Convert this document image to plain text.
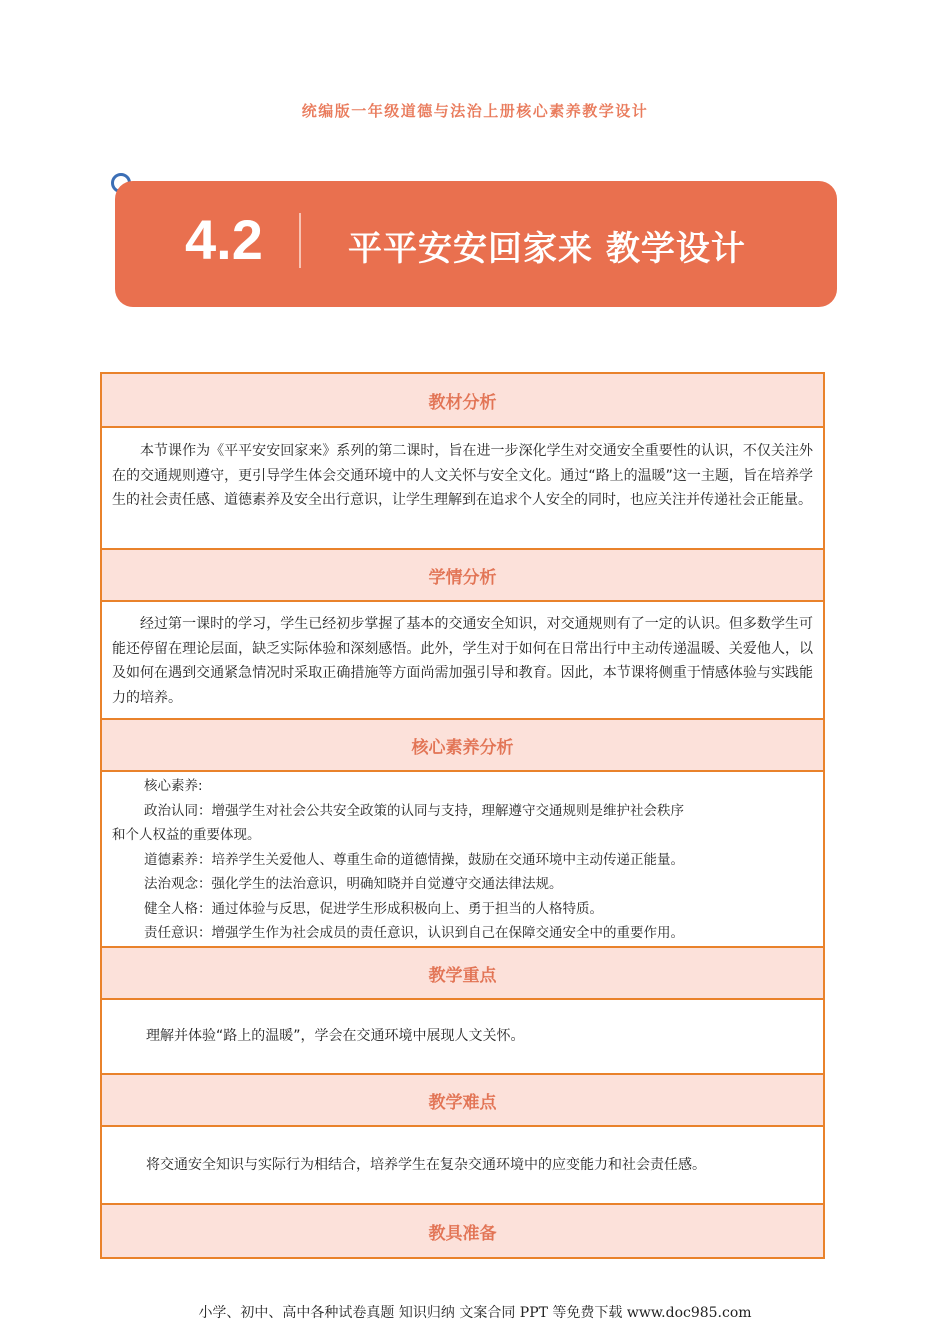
统编版一年级道德与法治上册核心素养教学设计
4.2	平平安安回家来 教学设计
教材分析

本节课作为《平平安安回家来》系列的第二课时，旨在进一步深化学生对交通安全重要性的认识，不仅关注外在的交通规则遵守，更引导学生体会交通环境中的人文关怀与安全文化。通过“路上的温暖”这一主题，旨在培养学生的社会责任感、道德素养及安全出行意识，让学生理解到在追求个人安全的同时，也应关注并传递社会正能量。

学情分析

经过第一课时的学习，学生已经初步掌握了基本的交通安全知识，对交通规则有了一定的认识。但多数学生可能还停留在理论层面，缺乏实际体验和深刻感悟。此外，学生对于如何在日常出行中主动传递温暖、关爱他人，以及如何在遇到交通紧急情况时采取正确措施等方面尚需加强引导和教育。因此，本节课将侧重于情感体验与实践能力的培养。

核心素养分析

核心素养:

政治认同：增强学生对社会公共安全政策的认同与支持，理解遵守交通规则是维护社会秩序

和个人权益的重要体现。

道德素养：培养学生关爱他人、尊重生命的道德情操，鼓励在交通环境中主动传递正能量。

法治观念：强化学生的法治意识，明确知晓并自觉遵守交通法律法规。

健全人格：通过体验与反思，促进学生形成积极向上、勇于担当的人格特质。

责任意识：增强学生作为社会成员的责任意识，认识到自己在保障交通安全中的重要作用。

教学重点
理解并体验“路上的温暖”，学会在交通环境中展现人文关怀。
教学难点
将交通安全知识与实际行为相结合，培养学生在复杂交通环境中的应变能力和社会责任感。
教具准备
小学、初中、高中各种试卷真题 知识归纳 文案合同 PPT 等免费下载 www.doc985.com
